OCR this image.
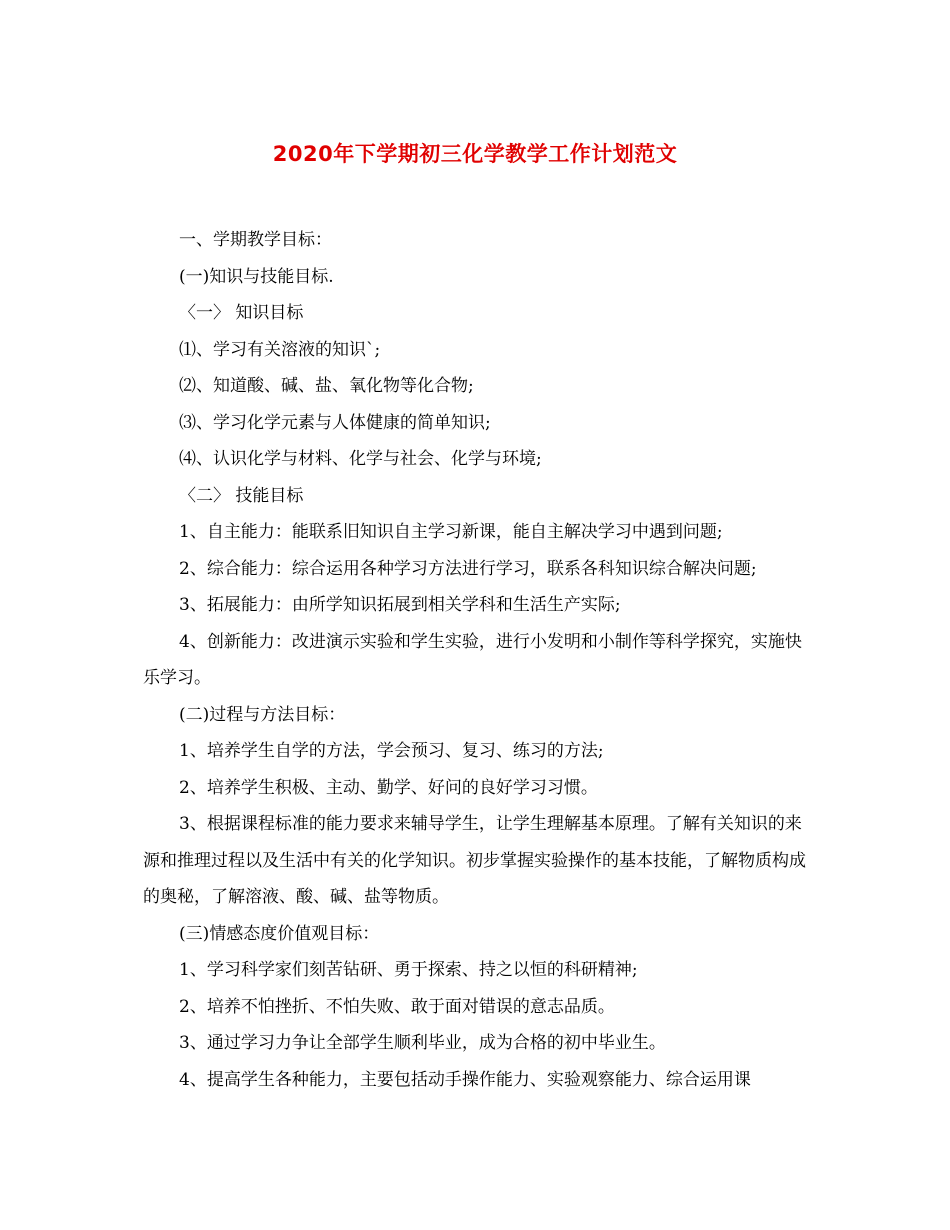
2020年下学期初三化学教学工作计划范文

一、学期教学目标：

(一)知识与技能目标.

〈一〉 知识目标

⑴、学习有关溶液的知识`;

⑵、知道酸、碱、盐、氧化物等化合物;

⑶、学习化学元素与人体健康的简单知识;

⑷、认识化学与材料、化学与社会、化学与环境;

〈二〉 技能目标

1、自主能力：能联系旧知识自主学习新课，能自主解决学习中遇到问题;

2、综合能力：综合运用各种学习方法进行学习，联系各科知识综合解决问题;

3、拓展能力：由所学知识拓展到相关学科和生活生产实际;

4、创新能力：改进演示实验和学生实验，进行小发明和小制作等科学探究，实施快乐学习。

(二)过程与方法目标：

1、培养学生自学的方法，学会预习、复习、练习的方法;

2、培养学生积极、主动、勤学、好问的良好学习习惯。

3、根据课程标准的能力要求来辅导学生，让学生理解基本原理。了解有关知识的来源和推理过程以及生活中有关的化学知识。初步掌握实验操作的基本技能，了解物质构成的奥秘，了解溶液、酸、碱、盐等物质。

(三)情感态度价值观目标：

1、学习科学家们刻苦钻研、勇于探索、持之以恒的科研精神;

2、培养不怕挫折、不怕失败、敢于面对错误的意志品质。

3、通过学习力争让全部学生顺利毕业，成为合格的初中毕业生。

4、提高学生各种能力，主要包括动手操作能力、实验观察能力、综合运用课
